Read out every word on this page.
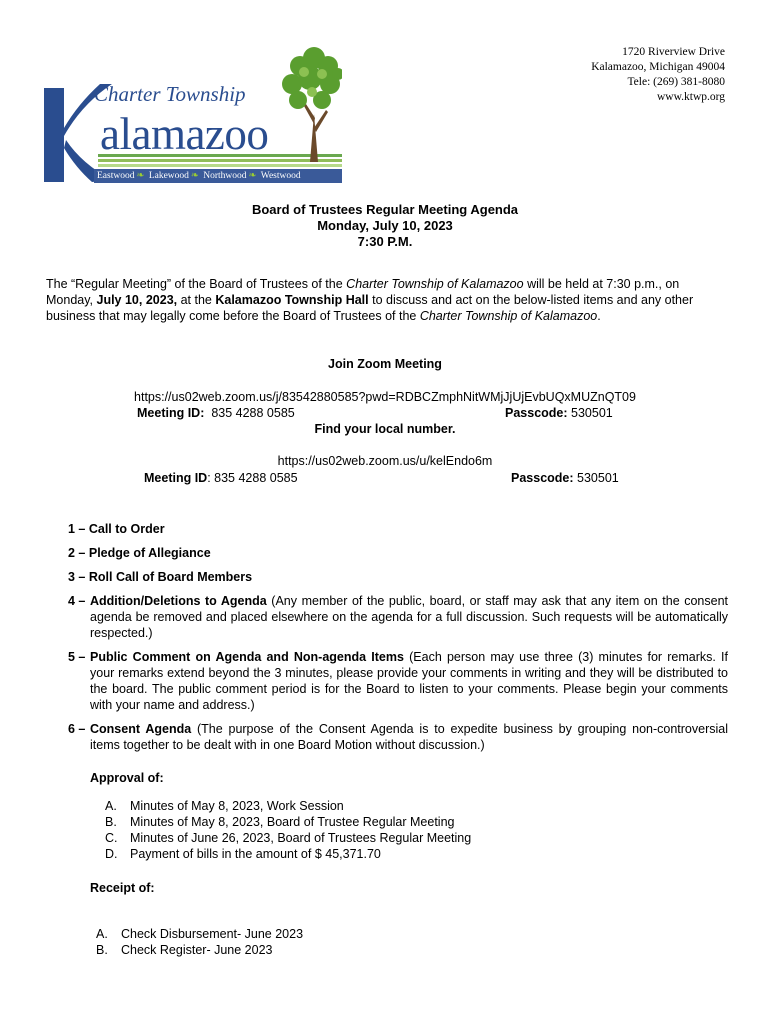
Charter Township
alamazoo
Eastwood ❧ Lakewood ❧ Northwood ❧ Westwood
1720 Riverview Drive
Kalamazoo, Michigan 49004
Tele: (269) 381-8080
www.ktwp.org
Board of Trustees Regular Meeting Agenda
Monday, July 10, 2023
7:30 P.M.
The “Regular Meeting” of the Board of Trustees of the Charter Township of Kalamazoo will be held at 7:30 p.m., on Monday, July 10, 2023, at the Kalamazoo Township Hall to discuss and act on the below-listed items and any other business that may legally come before the Board of Trustees of the Charter Township of Kalamazoo.
Join Zoom Meeting
https://us02web.zoom.us/j/83542880585?pwd=RDBCZmphNitWMjJjUjEvbUQxMUZnQT09
Meeting ID: 835 4288 0585	Passcode: 530501
Find your local number.
https://us02web.zoom.us/u/kelEndo6m
Meeting ID: 835 4288 0585	Passcode: 530501
1 – Call to Order
2 – Pledge of Allegiance
3 – Roll Call of Board Members
4 – Addition/Deletions to Agenda (Any member of the public, board, or staff may ask that any item on the consent agenda be removed and placed elsewhere on the agenda for a full discussion. Such requests will be automatically respected.)
5 – Public Comment on Agenda and Non-agenda Items (Each person may use three (3) minutes for remarks. If your remarks extend beyond the 3 minutes, please provide your comments in writing and they will be distributed to the board. The public comment period is for the Board to listen to your comments. Please begin your comments with your name and address.)
6 – Consent Agenda (The purpose of the Consent Agenda is to expedite business by grouping non-controversial items together to be dealt with in one Board Motion without discussion.)
Approval of:
A. Minutes of May 8, 2023, Work Session
B. Minutes of May 8, 2023, Board of Trustee Regular Meeting
C. Minutes of June 26, 2023, Board of Trustees Regular Meeting
D. Payment of bills in the amount of $ 45,371.70
Receipt of:
A. Check Disbursement- June 2023
B. Check Register- June 2023
